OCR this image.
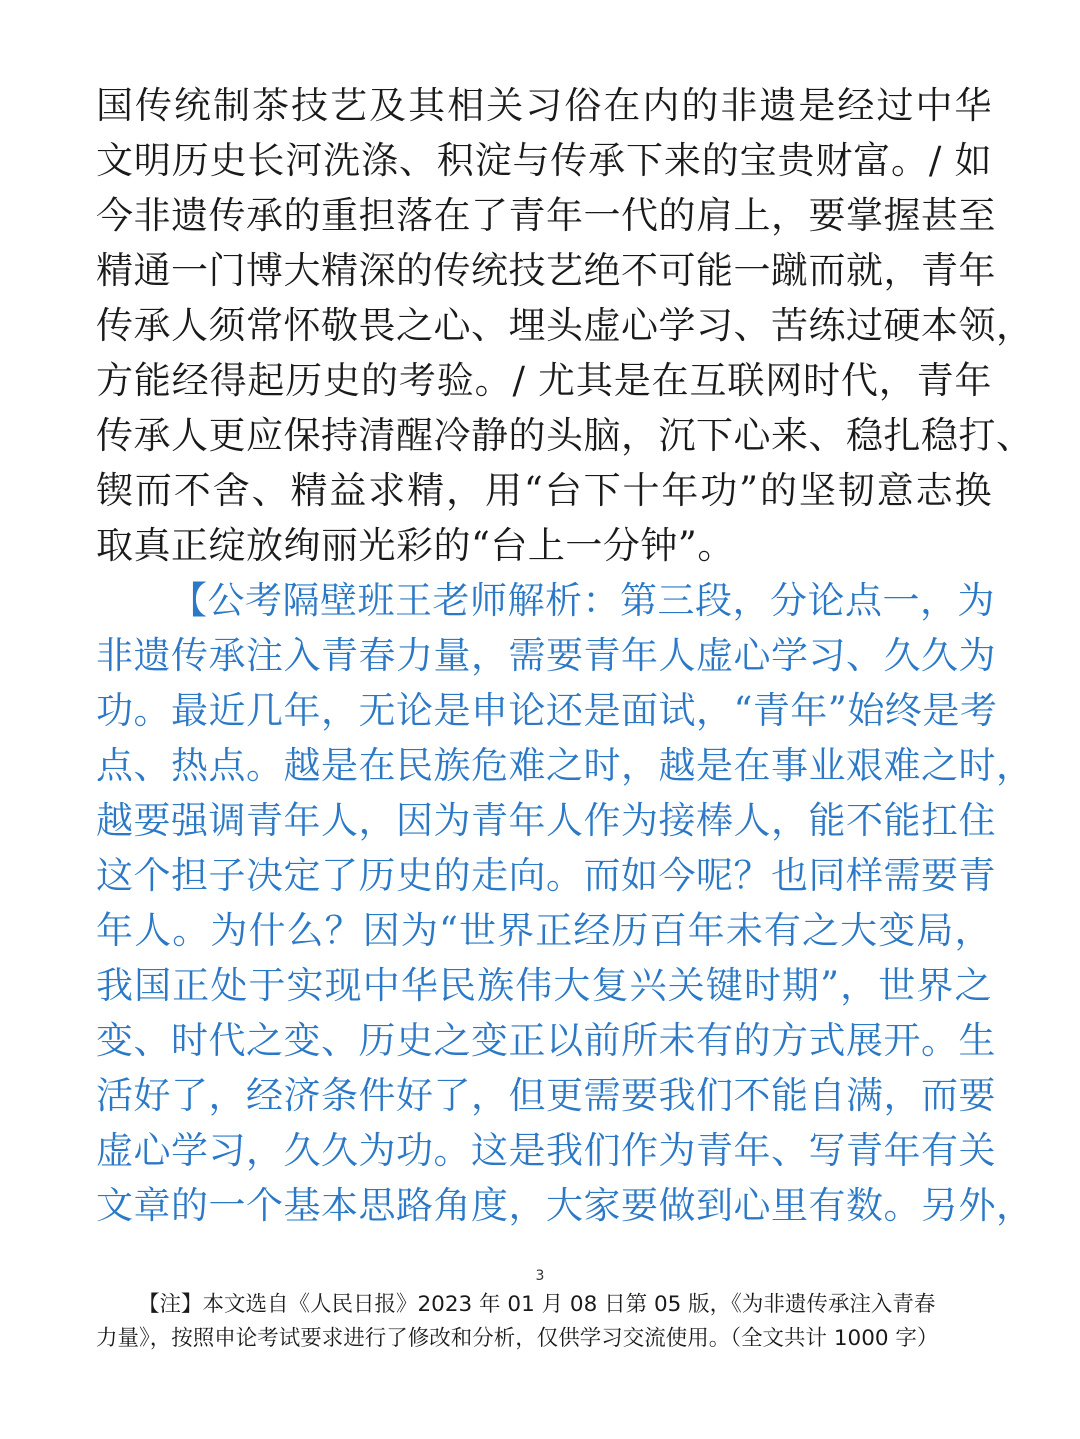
国传统制茶技艺及其相关习俗在内的非遗是经过中华
文明历史长河洗涤、积淀与传承下来的宝贵财富。/ 如
今非遗传承的重担落在了青年一代的肩上，要掌握甚至
精通一门博大精深的传统技艺绝不可能一蹴而就，青年
传承人须常怀敬畏之心、埋头虚心学习、苦练过硬本领，
方能经得起历史的考验。/ 尤其是在互联网时代，青年
传承人更应保持清醒冷静的头脑，沉下心来、稳扎稳打、
锲而不舍、精益求精，用“台下十年功”的坚韧意志换
取真正绽放绚丽光彩的“台上一分钟”。
【公考隔壁班王老师解析：第三段，分论点一，为
非遗传承注入青春力量，需要青年人虚心学习、久久为
功。最近几年，无论是申论还是面试，“青年”始终是考
点、热点。越是在民族危难之时，越是在事业艰难之时，
越要强调青年人，因为青年人作为接棒人，能不能扛住
这个担子决定了历史的走向。而如今呢？也同样需要青
年人。为什么？因为“世界正经历百年未有之大变局，
我国正处于实现中华民族伟大复兴关键时期”，世界之
变、时代之变、历史之变正以前所未有的方式展开。生
活好了，经济条件好了，但更需要我们不能自满，而要
虚心学习，久久为功。这是我们作为青年、写青年有关
文章的一个基本思路角度，大家要做到心里有数。另外，
3
【注】本文选自《人民日报》2023 年 01 月 08 日第 05 版，《为非遗传承注入青春
力量》，按照申论考试要求进行了修改和分析，仅供学习交流使用。（全文共计 1000 字）
